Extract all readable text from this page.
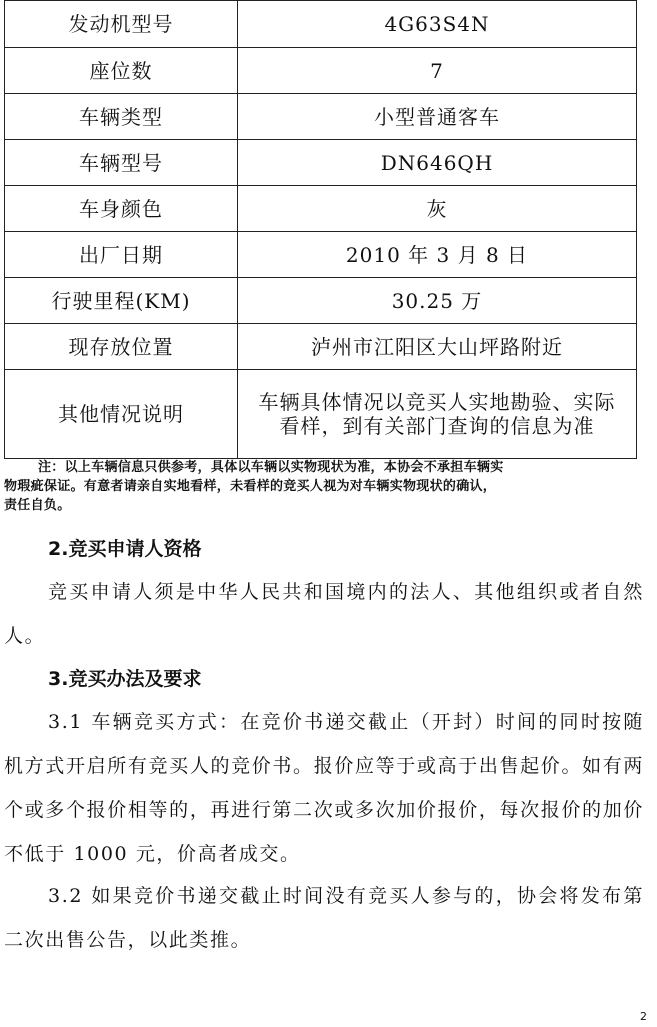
发动机型号	4G63S4N
座位数	7
车辆类型	小型普通客车
车辆型号	DN646QH
车身颜色	灰
出厂日期	2010 年 3 月 8 日
行驶里程(KM)	30.25 万
现存放位置	泸州市江阳区大山坪路附近
其他情况说明	车辆具体情况以竞买人实地勘验、实际
看样，到有关部门查询的信息为准
注：以上车辆信息只供参考，具体以车辆以实物现状为准，本协会不承担车辆实
物瑕疵保证。有意者请亲自实地看样，未看样的竞买人视为对车辆实物现状的确认，
责任自负。
2.竞买申请人资格

竞买申请人须是中华人民共和国境内的法人、其他组织或者自然人。

3.竞买办法及要求

3.1 车辆竞买方式：在竞价书递交截止（开封）时间的同时按随机方式开启所有竞买人的竞价书。报价应等于或高于出售起价。如有两个或多个报价相等的，再进行第二次或多次加价报价，每次报价的加价不低于 1000 元，价高者成交。

3.2 如果竞价书递交截止时间没有竞买人参与的，协会将发布第二次出售公告，以此类推。

2
